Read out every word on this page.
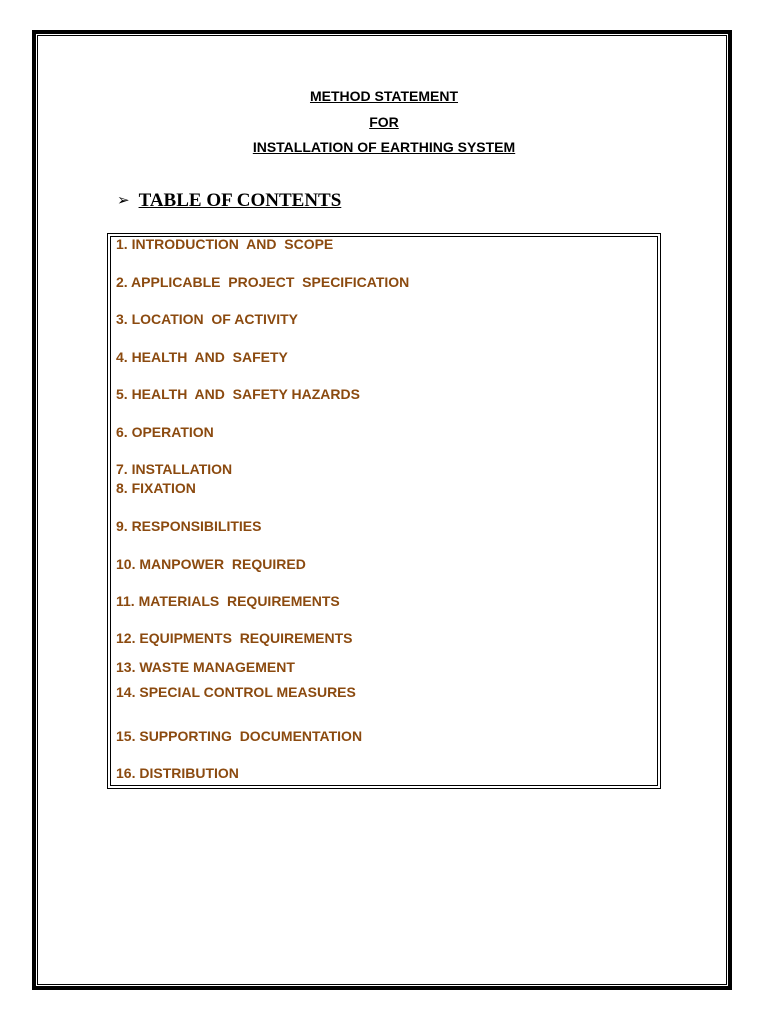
METHOD STATEMENT
FOR
INSTALLATION OF EARTHING SYSTEM
➢ TABLE OF CONTENTS
1. INTRODUCTION  AND  SCOPE
2. APPLICABLE  PROJECT  SPECIFICATION
3. LOCATION  OF ACTIVITY
4. HEALTH  AND  SAFETY
5. HEALTH  AND  SAFETY HAZARDS
6. OPERATION
7. INSTALLATION
8. FIXATION
9. RESPONSIBILITIES
10. MANPOWER  REQUIRED
11. MATERIALS  REQUIREMENTS
12. EQUIPMENTS  REQUIREMENTS
13. WASTE MANAGEMENT
14. SPECIAL CONTROL MEASURES
15. SUPPORTING  DOCUMENTATION
16. DISTRIBUTION
